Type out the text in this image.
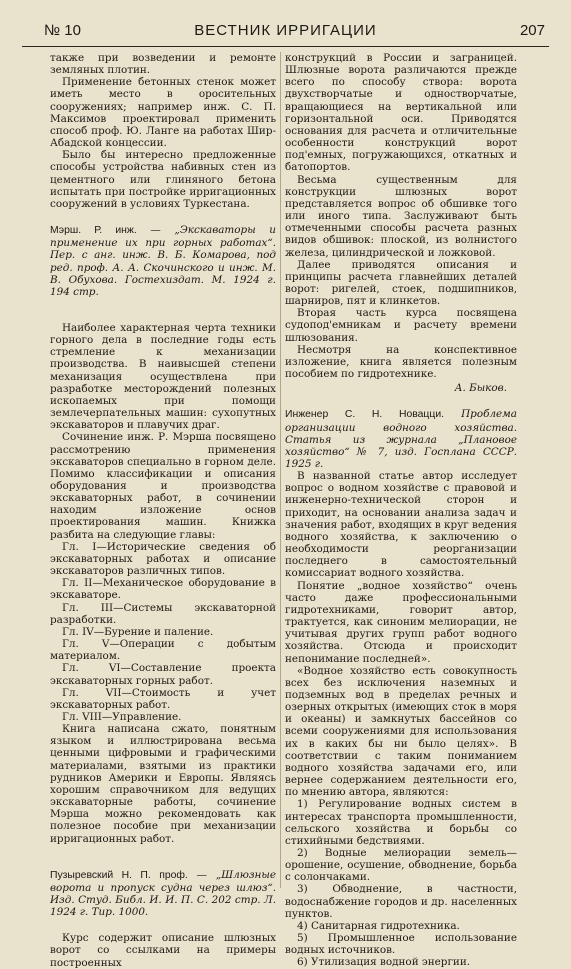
№ 10	ВЕСТНИК ИРРИГАЦИИ	207

также при возведении и ремонте земляных плотин.

Применение бетонных стенок может иметь место в оросительных сооружениях; например инж. С. П. Максимов проектировал применить способ проф. Ю. Ланге на работах Шир-Абадской концессии.

Было бы интересно предложенные способы устройства набивных стен из цементного или глиняного бетона испытать при постройке ирригационных сооружений в условиях Туркестана.

Мэрш. Р. инж. — „Экскаваторы и применение их при горных работах“. Пер. с анг. инж. В. Б. Комарова, под ред. проф. А. А. Скочинского и инж. М. В. Обухова. Гостехиздат. М. 1924 г. 194 стр.

Наиболее характерная черта техники горного дела в последние годы есть стремление к механизации производства. В наивысшей степени механизация осуществлена при разработке месторождений полезных ископаемых при помощи землечерпательных машин: сухопутных экскаваторов и плавучих драг.

Сочинение инж. Р. Мэрша посвящено рассмотрению применения экскаваторов специально в горном деле. Помимо классификации и описания оборудования и производства экскаваторных работ, в сочинении находим изложение основ проектирования машин. Книжка разбита на следующие главы:

Гл. I—Исторические сведения об экскаваторных работах и описание экскаваторов различных типов.

Гл. II—Механическое оборудование в экскаваторе.

Гл. III—Системы экскаваторной разработки.

Гл. IV—Бурение и паление.

Гл. V—Операции с добытым материалом.

Гл. VI—Составление проекта экскаваторных горных работ.

Гл. VII—Стоимость и учет экскаваторных работ.

Гл. VIII—Управление.

Книга написана сжато, понятным языком и иллюстрирована весьма ценными цифровыми и графическими материалами, взятыми из практики рудников Америки и Европы. Являясь хорошим справочником для ведущих экскаваторные работы, сочинение Мэрша можно рекомендовать как полезное пособие при механизации ирригационных работ.

Пузыревский Н. П. проф. — „Шлюзные ворота и пропуск судна через шлюз“. Изд. Студ. Библ. И. И. П. С. 202 стр. Л. 1924 г. Тир. 1000.

Курс содержит описание шлюзных ворот со ссылками на примеры построенных

конструкций в России и заграницей. Шлюзные ворота различаются прежде всего по способу створа: ворота двухстворчатые и одностворчатые, вращающиеся на вертикальной или горизонтальной оси. Приводятся основания для расчета и отличительные особенности конструкций ворот под'емных, погружающихся, откатных и батопортов.

Весьма существенным для конструкции шлюзных ворот представляется вопрос об обшивке того или иного типа. Заслуживают быть отмеченными способы расчета разных видов обшивок: плоской, из волнистого железа, цилиндрической и ложковой.

Далее приводятся описания и принципы расчета главнейших деталей ворот: ригелей, стоек, подшипников, шарниров, пят и клинкетов.

Вторая часть курса посвящена судопод'емникам и расчету времени шлюзования.

Несмотря на конспективное изложение, книга является полезным пособием по гидротехнике.

А. Быков.

Инженер С. Н. Новацци. Проблема организации водного хозяйства. Статья из журнала „Плановое хозяйство“ № 7, изд. Госплана СССР. 1925 г.

В названной статье автор исследует вопрос о водном хозяйстве с правовой и инженерно-технической сторон и приходит, на основании анализа задач и значения работ, входящих в круг ведения водного хозяйства, к заключению о необходимости реорганизации последнего в самостоятельный комиссариат водного хозяйства.

Понятие „водное хозяйство“ очень часто даже профессиональными гидротехниками, говорит автор, трактуется, как синоним мелиорации, не учитывая других групп работ водного хозяйства. Отсюда и происходит непонимание последней».

«Водное хозяйство есть совокупность всех без исключения наземных и подземных вод в пределах речных и озерных открытых (имеющих сток в моря и океаны) и замкнутых бассейнов со всеми сооружениями для использования их в каких бы ни было целях». В соответствии с таким пониманием водного хозяйства задачами его, или вернее содержанием деятельности его, по мнению автора, являются:

1) Регулирование водных систем в интересах транспорта промышленности, сельского хозяйства и борьбы со стихийными бедствиями.

2) Водные мелиорации земель—орошение, осушение, обводнение, борьба с солончаками.

3) Обводнение, в частности, водоснабжение городов и др. населенных пунктов.

4) Санитарная гидротехника.

5) Промышленное использование водных источников.

6) Утилизация водной энергии.
